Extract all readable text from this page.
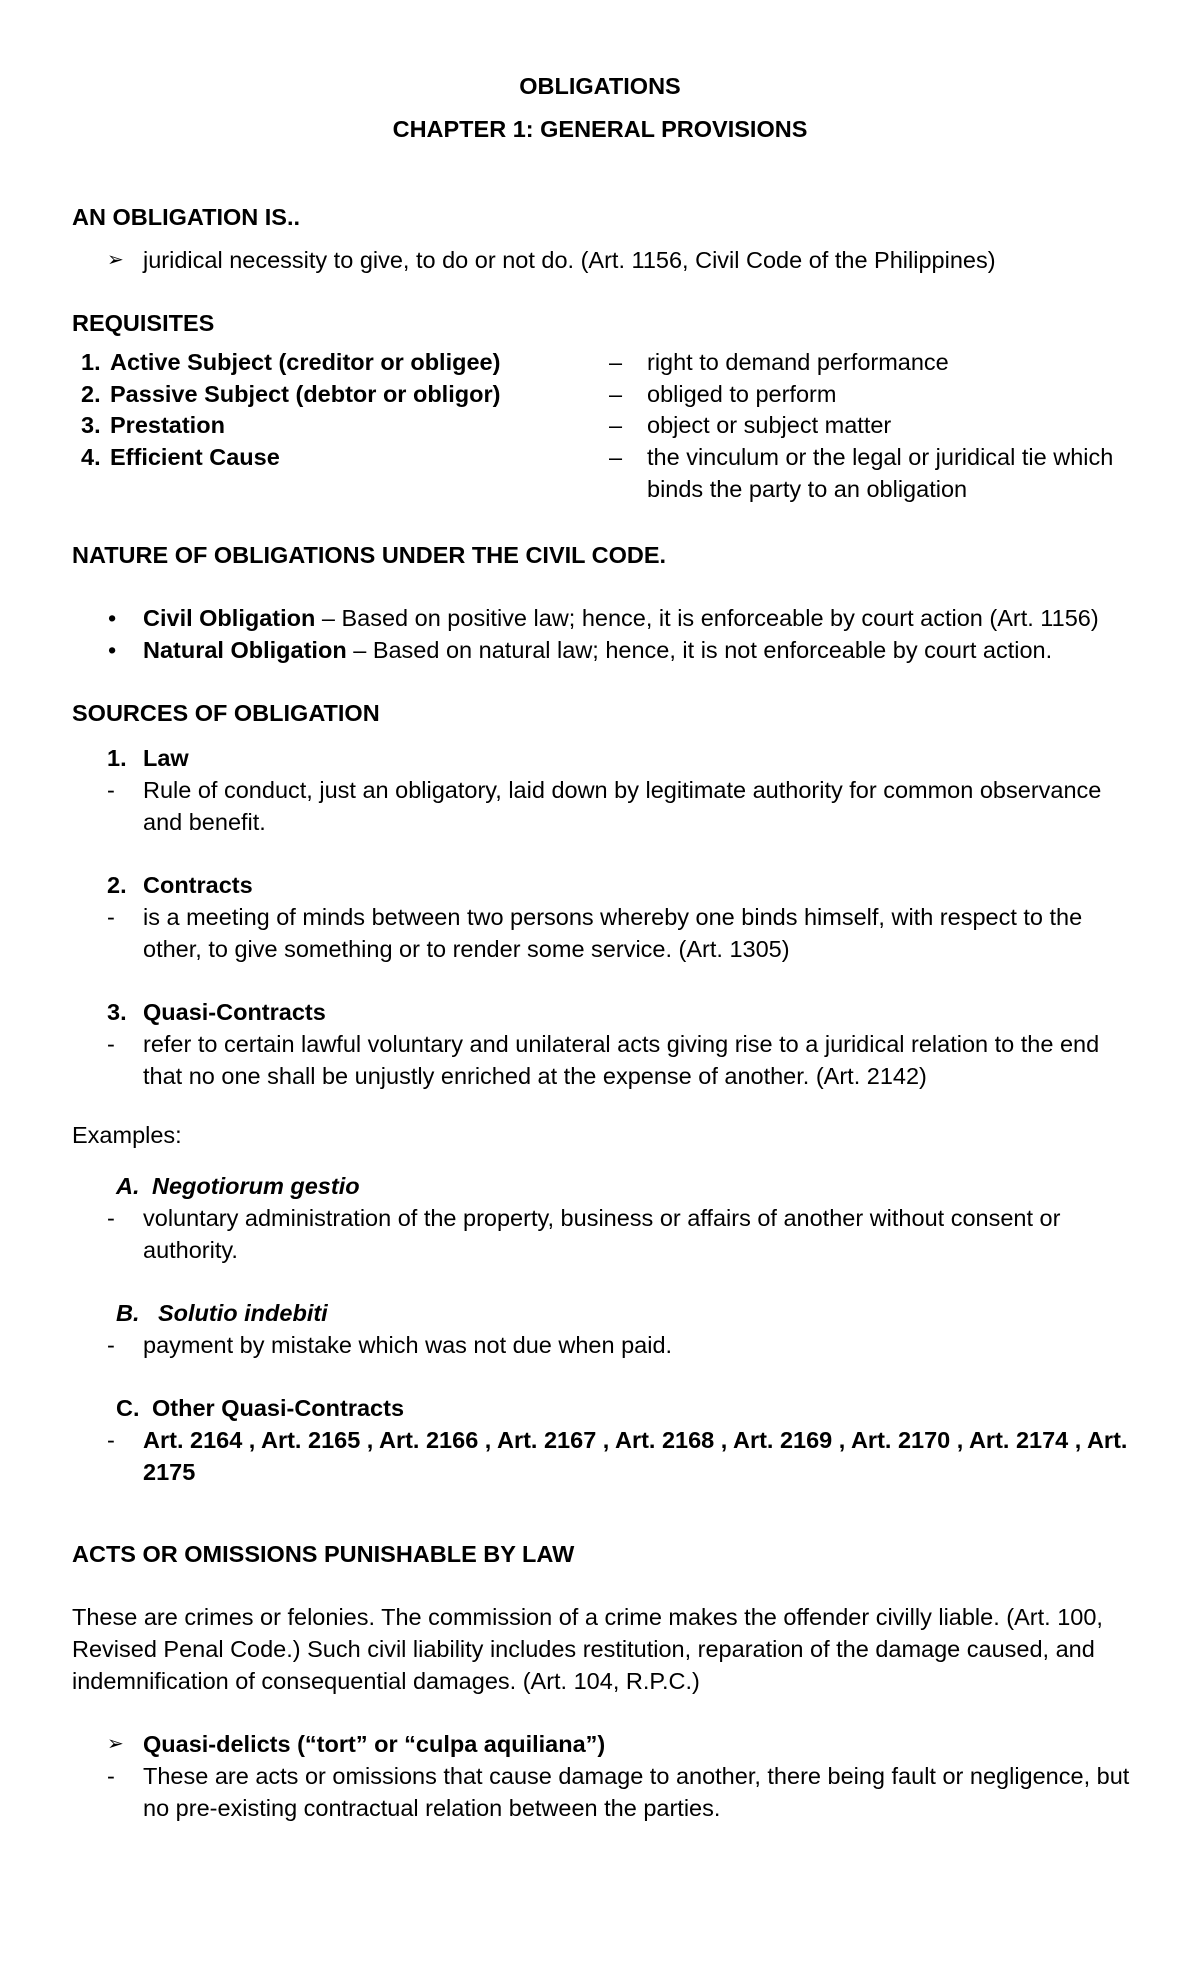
OBLIGATIONS
CHAPTER 1: GENERAL PROVISIONS
AN OBLIGATION IS..
➢ juridical necessity to give, to do or not do. (Art. 1156, Civil Code of the Philippines)
REQUISITES
1. Active Subject (creditor or obligee)	– right to demand performance
2. Passive Subject (debtor or obligor)	– obliged to perform
3. Prestation	– object or subject matter
4. Efficient Cause	– the vinculum or the legal or juridical tie which binds the party to an obligation
NATURE OF OBLIGATIONS UNDER THE CIVIL CODE.
• Civil Obligation – Based on positive law; hence, it is enforceable by court action (Art. 1156)
• Natural Obligation – Based on natural law; hence, it is not enforceable by court action.
SOURCES OF OBLIGATION
1. Law
- Rule of conduct, just an obligatory, laid down by legitimate authority for common observance and benefit.
2. Contracts
- is a meeting of minds between two persons whereby one binds himself, with respect to the other, to give something or to render some service. (Art. 1305)
3. Quasi-Contracts
- refer to certain lawful voluntary and unilateral acts giving rise to a juridical relation to the end that no one shall be unjustly enriched at the expense of another. (Art. 2142)
Examples:
A. Negotiorum gestio
- voluntary administration of the property, business or affairs of another without consent or authority.
B. Solutio indebiti
- payment by mistake which was not due when paid.
C. Other Quasi-Contracts
- Art. 2164 , Art. 2165 , Art. 2166 , Art. 2167 , Art. 2168 , Art. 2169 , Art. 2170 , Art. 2174 , Art. 2175
ACTS OR OMISSIONS PUNISHABLE BY LAW
These are crimes or felonies. The commission of a crime makes the offender civilly liable. (Art. 100, Revised Penal Code.) Such civil liability includes restitution, reparation of the damage caused, and indemnification of consequential damages. (Art. 104, R.P.C.)
➢ Quasi-delicts (“tort” or “culpa aquiliana”)
- These are acts or omissions that cause damage to another, there being fault or negligence, but no pre-existing contractual relation between the parties.
